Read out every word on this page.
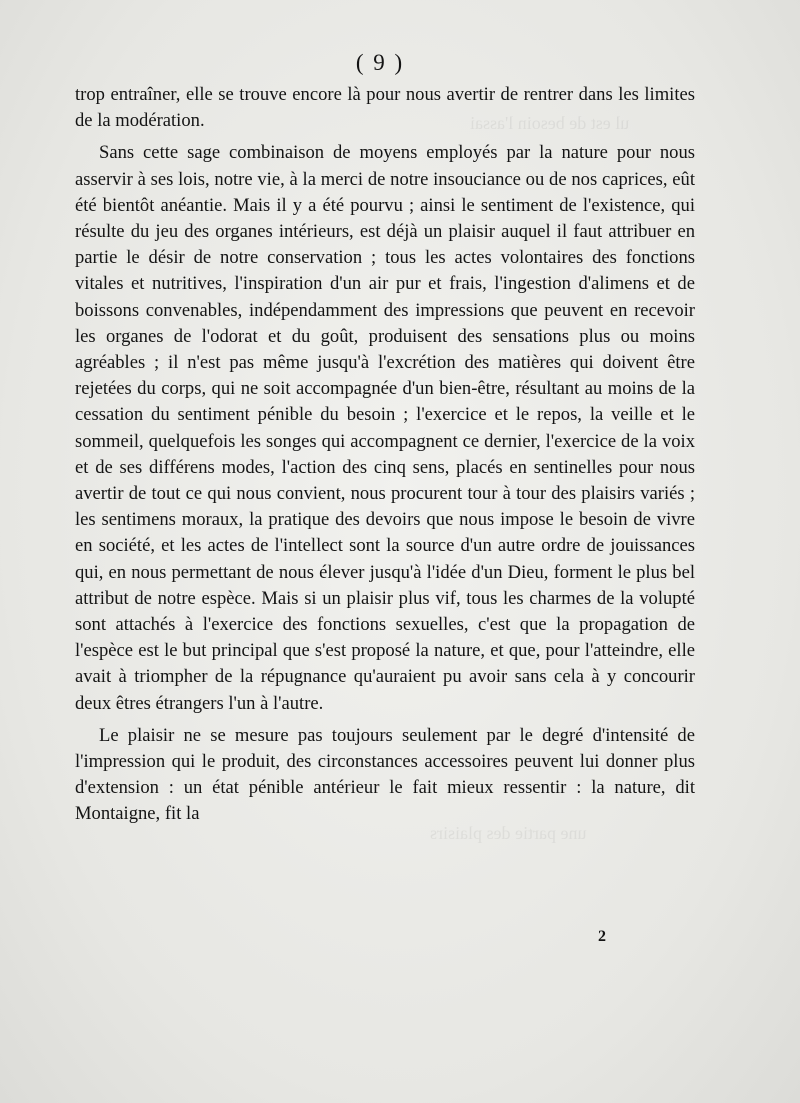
ul est de besoin l'assai
une partie des plaisirs
( 9 )

trop entraîner, elle se trouve encore là pour nous avertir de rentrer dans les limites de la modération.

Sans cette sage combinaison de moyens employés par la nature pour nous asservir à ses lois, notre vie, à la merci de notre insouciance ou de nos caprices, eût été bientôt anéantie. Mais il y a été pourvu ; ainsi le sentiment de l'existence, qui résulte du jeu des organes intérieurs, est déjà un plaisir auquel il faut attribuer en partie le désir de notre conservation ; tous les actes volontaires des fonctions vitales et nutritives, l'inspiration d'un air pur et frais, l'ingestion d'alimens et de boissons convenables, indépendamment des impressions que peuvent en recevoir les organes de l'odorat et du goût, produisent des sensations plus ou moins agréables ; il n'est pas même jusqu'à l'excrétion des matières qui doivent être rejetées du corps, qui ne soit accompagnée d'un bien-être, résultant au moins de la cessation du sentiment pénible du besoin ; l'exercice et le repos, la veille et le sommeil, quelquefois les songes qui accompagnent ce dernier, l'exercice de la voix et de ses différens modes, l'action des cinq sens, placés en sentinelles pour nous avertir de tout ce qui nous convient, nous procurent tour à tour des plaisirs variés ; les sentimens moraux, la pratique des devoirs que nous impose le besoin de vivre en société, et les actes de l'intellect sont la source d'un autre ordre de jouissances qui, en nous permettant de nous élever jusqu'à l'idée d'un Dieu, forment le plus bel attribut de notre espèce. Mais si un plaisir plus vif, tous les charmes de la volupté sont attachés à l'exercice des fonctions sexuelles, c'est que la propagation de l'espèce est le but principal que s'est proposé la nature, et que, pour l'atteindre, elle avait à triompher de la répugnance qu'auraient pu avoir sans cela à y concourir deux êtres étrangers l'un à l'autre.

Le plaisir ne se mesure pas toujours seulement par le degré d'intensité de l'impression qui le produit, des circonstances accessoires peuvent lui donner plus d'extension : un état pénible antérieur le fait mieux ressentir : la nature, dit Montaigne, fit la

2
